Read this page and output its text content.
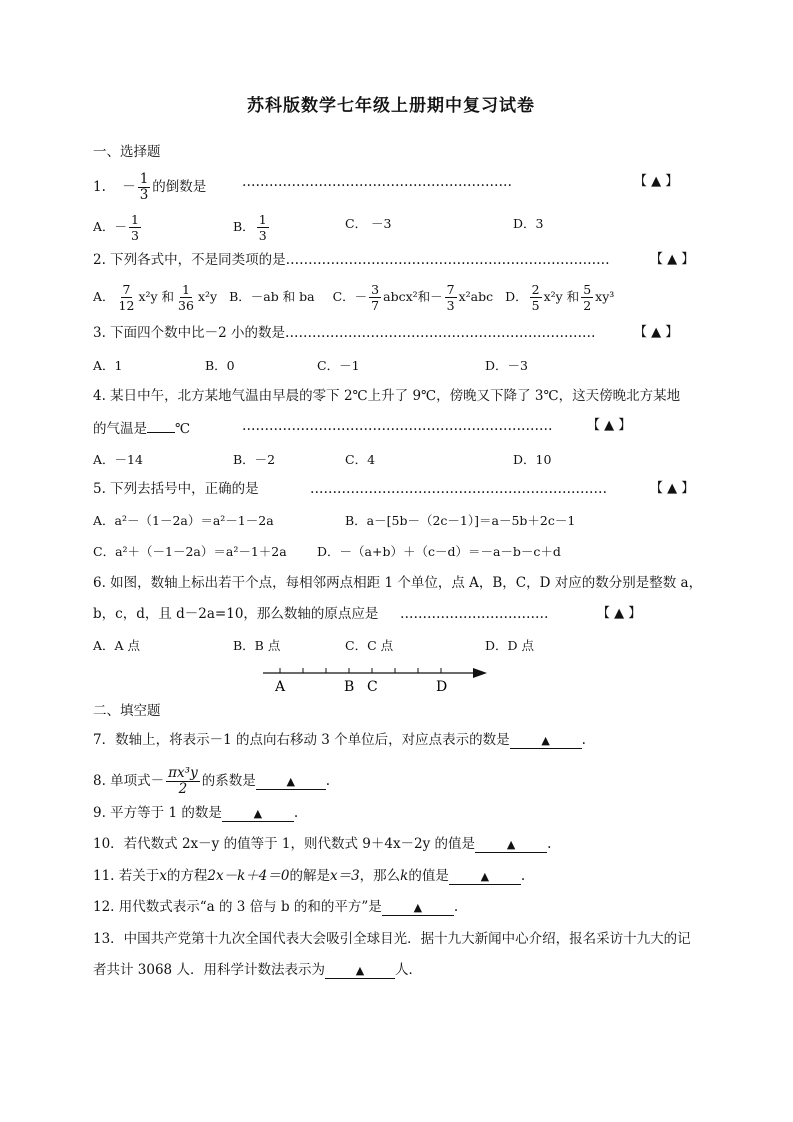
苏科版数学七年级上册期中复习试卷
一、选择题
1. － $\frac{1}{3}$ 的倒数是	……………………………………………………	【 ▲ 】
A．－ $\frac{1}{3}$	B． $\frac{1}{3}$	C． －3	D．3
2. 下列各式中，不是同类项的是………………………………………………………………	【 ▲ 】
A． $\frac{7}{12} x^2y$ 和 $\frac{1}{36} x^2y$ B．－ab 和 ba C．－ $\frac{3}{7}$ abcx²和－ $\frac{7}{3} x^2abc$ D． $\frac{2}{5} x^2y$ 和 $\frac{5}{2} xy^3$
3. 下面四个数中比－2 小的数是……………………………………………………………	【 ▲ 】
A．1	B．0	C．－1	D．－3
4. 某日中午，北方某地气温由早晨的零下 2℃上升了 9℃，傍晚又下降了 3℃，这天傍晚北方某地
的气温是 ℃	……………………………………………………………	【 ▲ 】
A．－14	B．－2	C．4	D．10
5. 下列去括号中，正确的是	…………………………………………………………	【 ▲ 】
A．a²－（1－2a）＝a²－1－2a	B．a－[5b－（2c－1）]＝a－5b＋2c－1
C．a²＋（－1－2a）＝a²－1＋2a D．－（a+b）＋（c－d）＝－a－b－c＋d
6. 如图，数轴上标出若干个点，每相邻两点相距 1 个单位，点 A，B，C，D 对应的数分别是整数 a，
b，c，d，且 d－2a=10，那么数轴的原点应是 ……………………………	【 ▲ 】
A．A 点	B．B 点	C．C 点	D．D 点
A	B C	D
二、填空题
7．数轴上，将表示－1 的点向右移动 3 个单位后，对应点表示的数是	▲ .
8. 单项式－ $\frac{\text{πx³y}}{2}$ 的系数是	▲ .
9. 平方等于 1 的数是	▲ .
10．若代数式 2x－y 的值等于 1，则代数式 9＋4x－2y 的值是	▲ .
11. 若关于x的方程2x－k＋4＝0的解是x＝3，那么k的值是	▲ .
12. 用代数式表示“a 的 3 倍与 b 的和的平方”是	▲ .
13．中国共产党第十九次全国代表大会吸引全球目光．据十九大新闻中心介绍，报名采访十九大的记
者共计 3068 人．用科学计数法表示为	▲ 人．
